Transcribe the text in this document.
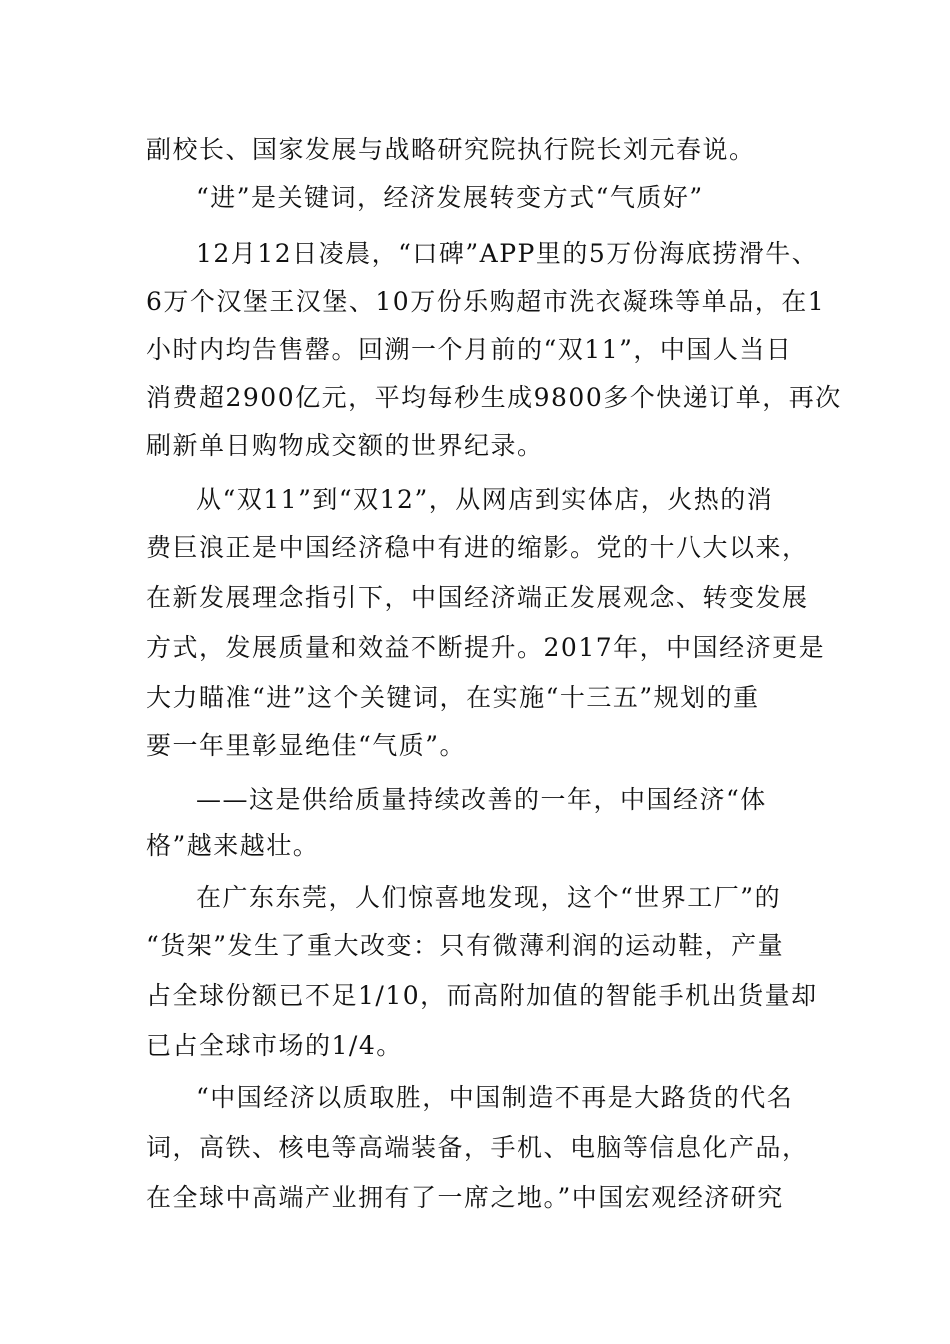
副校长、国家发展与战略研究院执行院长刘元春说。
“进”是关键词，经济发展转变方式“气质好”
12月12日凌晨，“口碑”APP里的5万份海底捞滑牛、
6万个汉堡王汉堡、10万份乐购超市洗衣凝珠等单品，在1
小时内均告售罄。回溯一个月前的“双11”，中国人当日
消费超2900亿元，平均每秒生成9800多个快递订单，再次
刷新单日购物成交额的世界纪录。
从“双11”到“双12”，从网店到实体店，火热的消
费巨浪正是中国经济稳中有进的缩影。党的十八大以来，
在新发展理念指引下，中国经济端正发展观念、转变发展
方式，发展质量和效益不断提升。2017年，中国经济更是
大力瞄准“进”这个关键词，在实施“十三五”规划的重
要一年里彰显绝佳“气质”。
——这是供给质量持续改善的一年，中国经济“体
格”越来越壮。
在广东东莞，人们惊喜地发现，这个“世界工厂”的
“货架”发生了重大改变：只有微薄利润的运动鞋，产量
占全球份额已不足1/10，而高附加值的智能手机出货量却
已占全球市场的1/4。
“中国经济以质取胜，中国制造不再是大路货的代名
词，高铁、核电等高端装备，手机、电脑等信息化产品，
在全球中高端产业拥有了一席之地。”中国宏观经济研究
